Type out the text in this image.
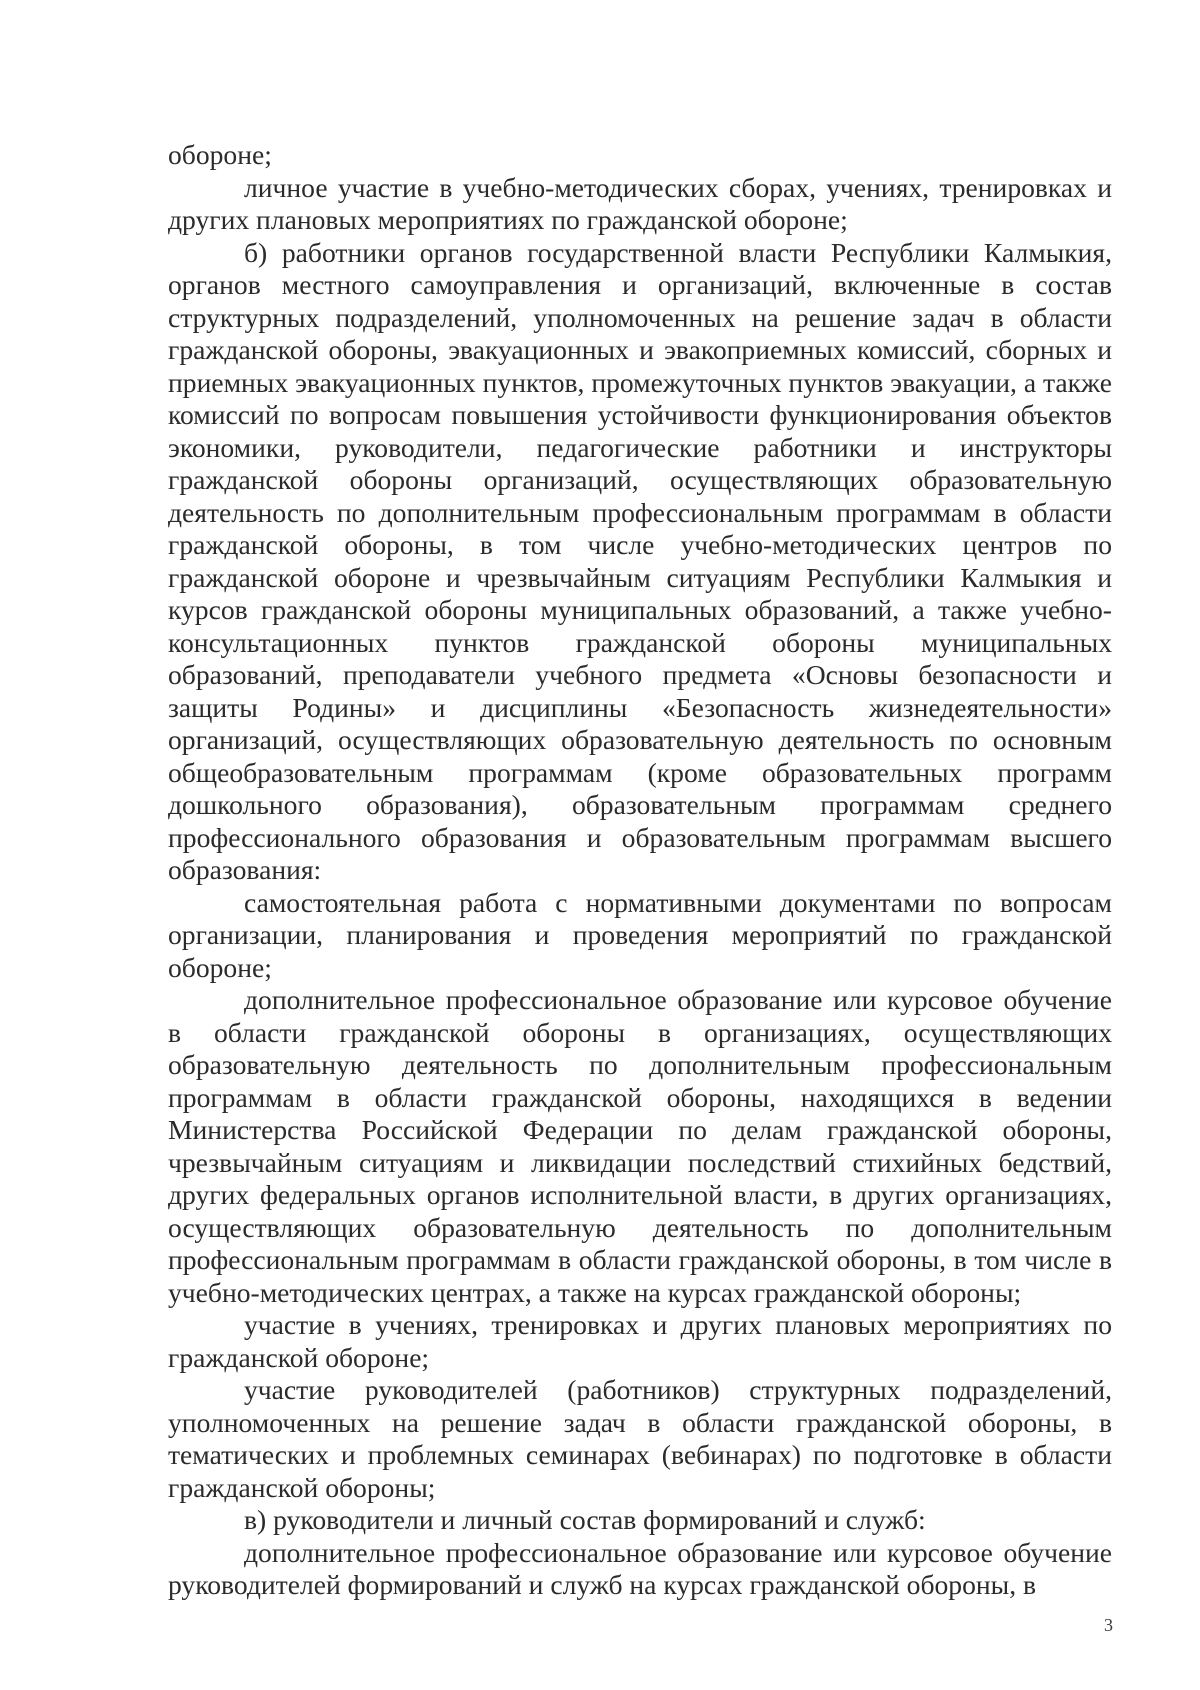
обороне;

личное участие в учебно-методических сборах, учениях, тренировках и других плановых мероприятиях по гражданской обороне;

б) работники органов государственной власти Республики Калмыкия, органов местного самоуправления и организаций, включенные в состав структурных подразделений, уполномоченных на решение задач в области гражданской обороны, эвакуационных и эвакоприемных комиссий, сборных и приемных эвакуационных пунктов, промежуточных пунктов эвакуации, а также комиссий по вопросам повышения устойчивости функционирования объектов экономики, руководители, педагогические работники и инструкторы гражданской обороны организаций, осуществляющих образовательную деятельность по дополнительным профессиональным программам в области гражданской обороны, в том числе учебно-методических центров по гражданской обороне и чрезвычайным ситуациям Республики Калмыкия и курсов гражданской обороны муниципальных образований, а также учебно-консультационных пунктов гражданской обороны муниципальных образований, преподаватели учебного предмета «Основы безопасности и защиты Родины» и дисциплины «Безопасность жизнедеятельности» организаций, осуществляющих образовательную деятельность по основным общеобразовательным программам (кроме образовательных программ дошкольного образования), образовательным программам среднего профессионального образования и образовательным программам высшего образования:

самостоятельная работа с нормативными документами по вопросам организации, планирования и проведения мероприятий по гражданской обороне;

дополнительное профессиональное образование или курсовое обучение в области гражданской обороны в организациях, осуществляющих образовательную деятельность по дополнительным профессиональным программам в области гражданской обороны, находящихся в ведении Министерства Российской Федерации по делам гражданской обороны, чрезвычайным ситуациям и ликвидации последствий стихийных бедствий, других федеральных органов исполнительной власти, в других организациях, осуществляющих образовательную деятельность по дополнительным профессиональным программам в области гражданской обороны, в том числе в учебно-методических центрах, а также на курсах гражданской обороны;

участие в учениях, тренировках и других плановых мероприятиях по гражданской обороне;

участие руководителей (работников) структурных подразделений, уполномоченных на решение задач в области гражданской обороны, в тематических и проблемных семинарах (вебинарах) по подготовке в области гражданской обороны;

в) руководители и личный состав формирований и служб:

дополнительное профессиональное образование или курсовое обучение руководителей формирований и служб на курсах гражданской обороны, в

3
